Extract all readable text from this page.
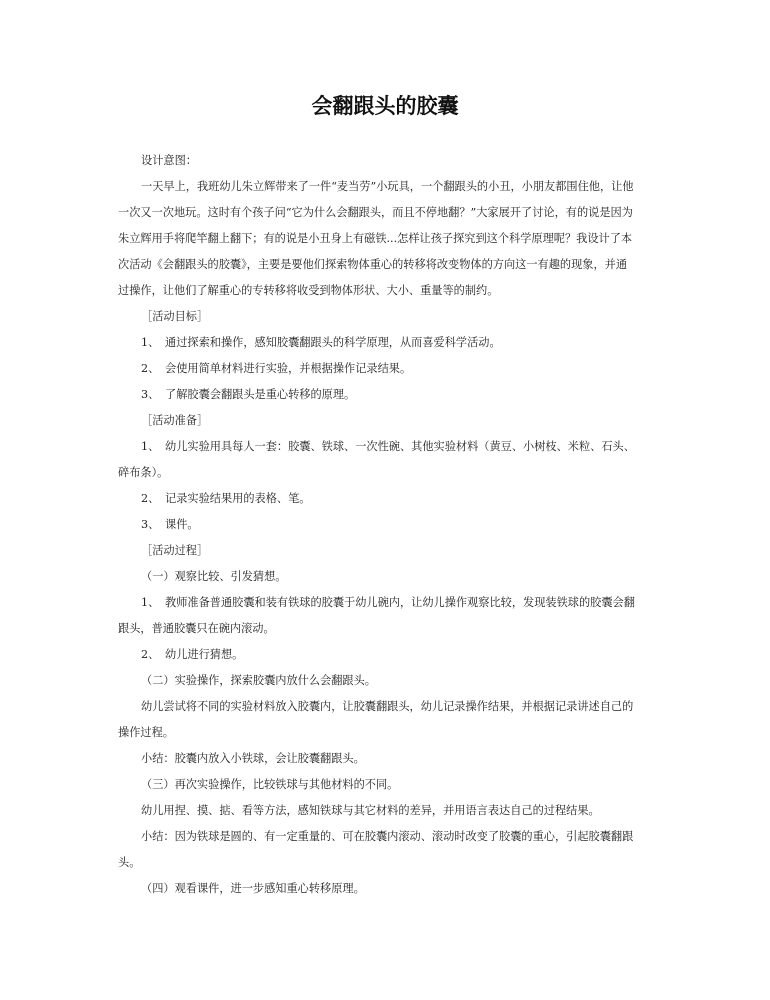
会翻跟头的胶囊
设计意图：
一天早上，我班幼儿朱立辉带来了一件“麦当劳”小玩具，一个翻跟头的小丑，小朋友都围住他，让他
一次又一次地玩。这时有个孩子问“它为什么会翻跟头，而且不停地翻？”大家展开了讨论，有的说是因为
朱立辉用手将爬竿翻上翻下；有的说是小丑身上有磁铁...怎样让孩子探究到这个科学原理呢？我设计了本
次活动《会翻跟头的胶囊》，主要是要他们探索物体重心的转移将改变物体的方向这一有趣的现象，并通
过操作，让他们了解重心的专转移将收受到物体形状、大小、重量等的制约。
［活动目标］
1、 通过探索和操作，感知胶囊翻跟头的科学原理，从而喜爱科学活动。
2、 会使用简单材料进行实验，并根据操作记录结果。
3、 了解胶囊会翻跟头是重心转移的原理。
［活动准备］
1、 幼儿实验用具每人一套：胶囊、铁球、一次性碗、其他实验材料（黄豆、小树枝、米粒、石头、
碎布条）。
2、 记录实验结果用的表格、笔。
3、 课件。
［活动过程］
（一）观察比较、引发猜想。
1、 教师准备普通胶囊和装有铁球的胶囊于幼儿碗内，让幼儿操作观察比较，发现装铁球的胶囊会翻
跟头，普通胶囊只在碗内滚动。
2、 幼儿进行猜想。
（二）实验操作，探索胶囊内放什么会翻跟头。
幼儿尝试将不同的实验材料放入胶囊内，让胶囊翻跟头，幼儿记录操作结果，并根据记录讲述自己的
操作过程。
小结：胶囊内放入小铁球，会让胶囊翻跟头。
（三）再次实验操作，比较铁球与其他材料的不同。
幼儿用捏、摸、掂、看等方法，感知铁球与其它材料的差异，并用语言表达自己的过程结果。
小结：因为铁球是圆的、有一定重量的、可在胶囊内滚动、滚动时改变了胶囊的重心，引起胶囊翻跟
头。
（四）观看课件，进一步感知重心转移原理。
